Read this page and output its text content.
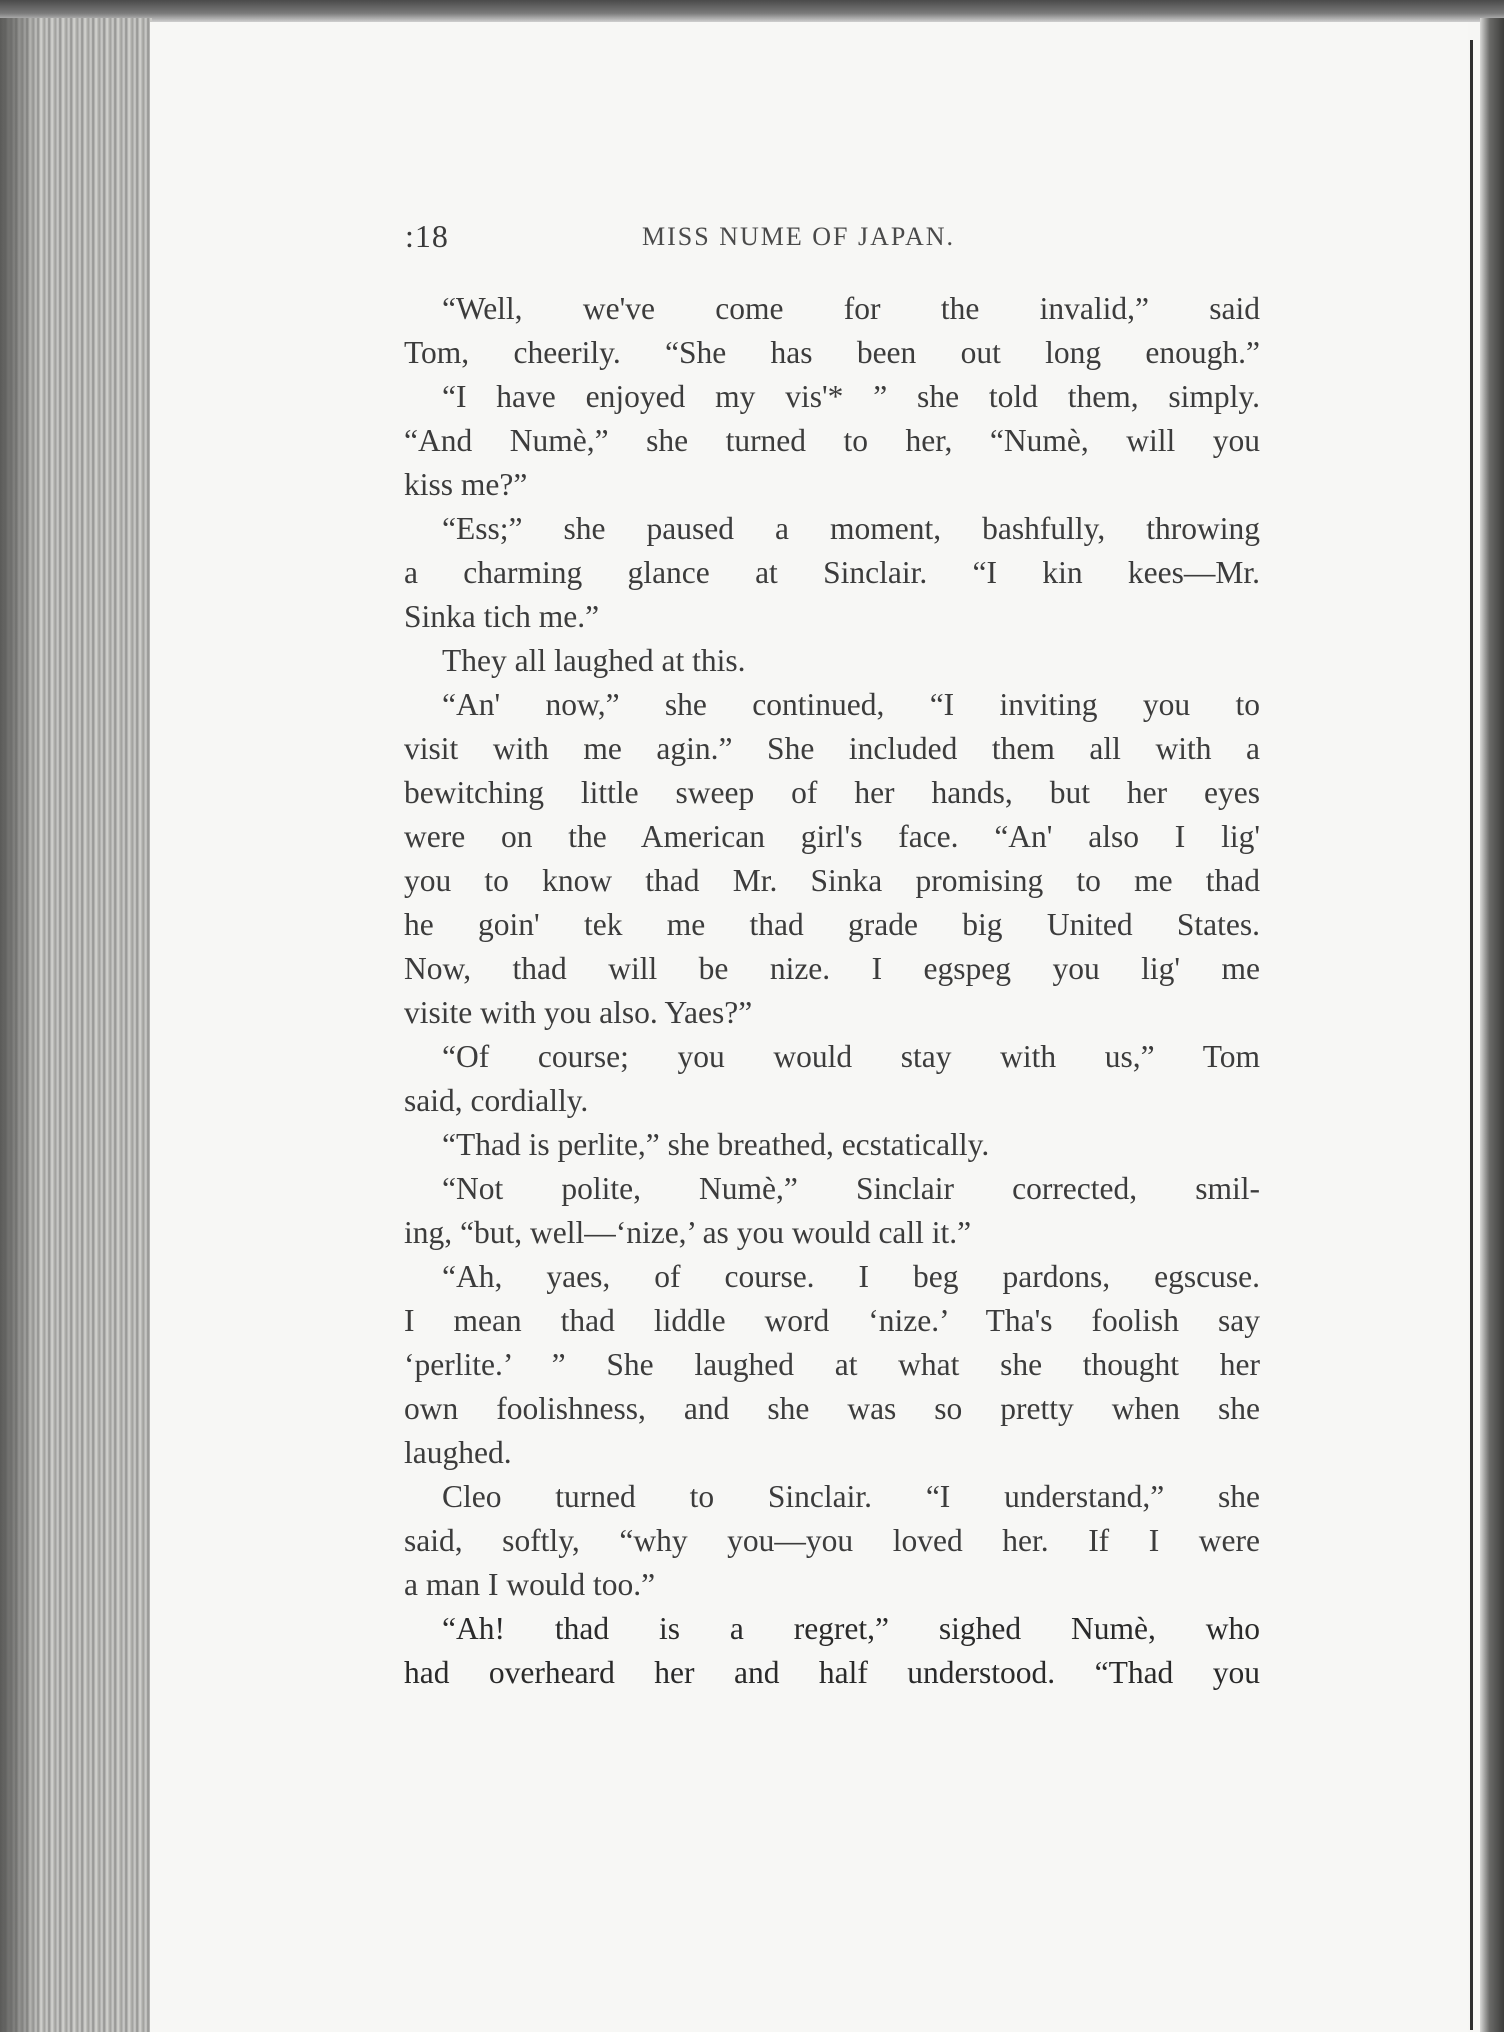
:18	MISS NUME OF JAPAN.
“Well, we've come for the invalid,” said
Tom, cheerily. “She has been out long enough.”
“I have enjoyed my vis'* ” she told them, simply.
“And Numè,” she turned to her, “Numè, will you
kiss me?”
“Ess;” she paused a moment, bashfully, throwing
a charming glance at Sinclair. “I kin kees—Mr.
Sinka tich me.”
They all laughed at this.
“An' now,” she continued, “I inviting you to
visit with me agin.” She included them all with a
bewitching little sweep of her hands, but her eyes
were on the American girl's face. “An' also I lig'
you to know thad Mr. Sinka promising to me thad
he goin' tek me thad grade big United States.
Now, thad will be nize. I egspeg you lig' me
visite with you also. Yaes?”
“Of course; you would stay with us,” Tom
said, cordially.
“Thad is perlite,” she breathed, ecstatically.
“Not polite, Numè,” Sinclair corrected, smil-
ing, “but, well—‘nize,’ as you would call it.”
“Ah, yaes, of course. I beg pardons, egscuse.
I mean thad liddle word ‘nize.’ Tha's foolish say
‘perlite.’ ” She laughed at what she thought her
own foolishness, and she was so pretty when she
laughed.
Cleo turned to Sinclair. “I understand,” she
said, softly, “why you—you loved her. If I were
a man I would too.”
“Ah! thad is a regret,” sighed Numè, who
had overheard her and half understood. “Thad you
